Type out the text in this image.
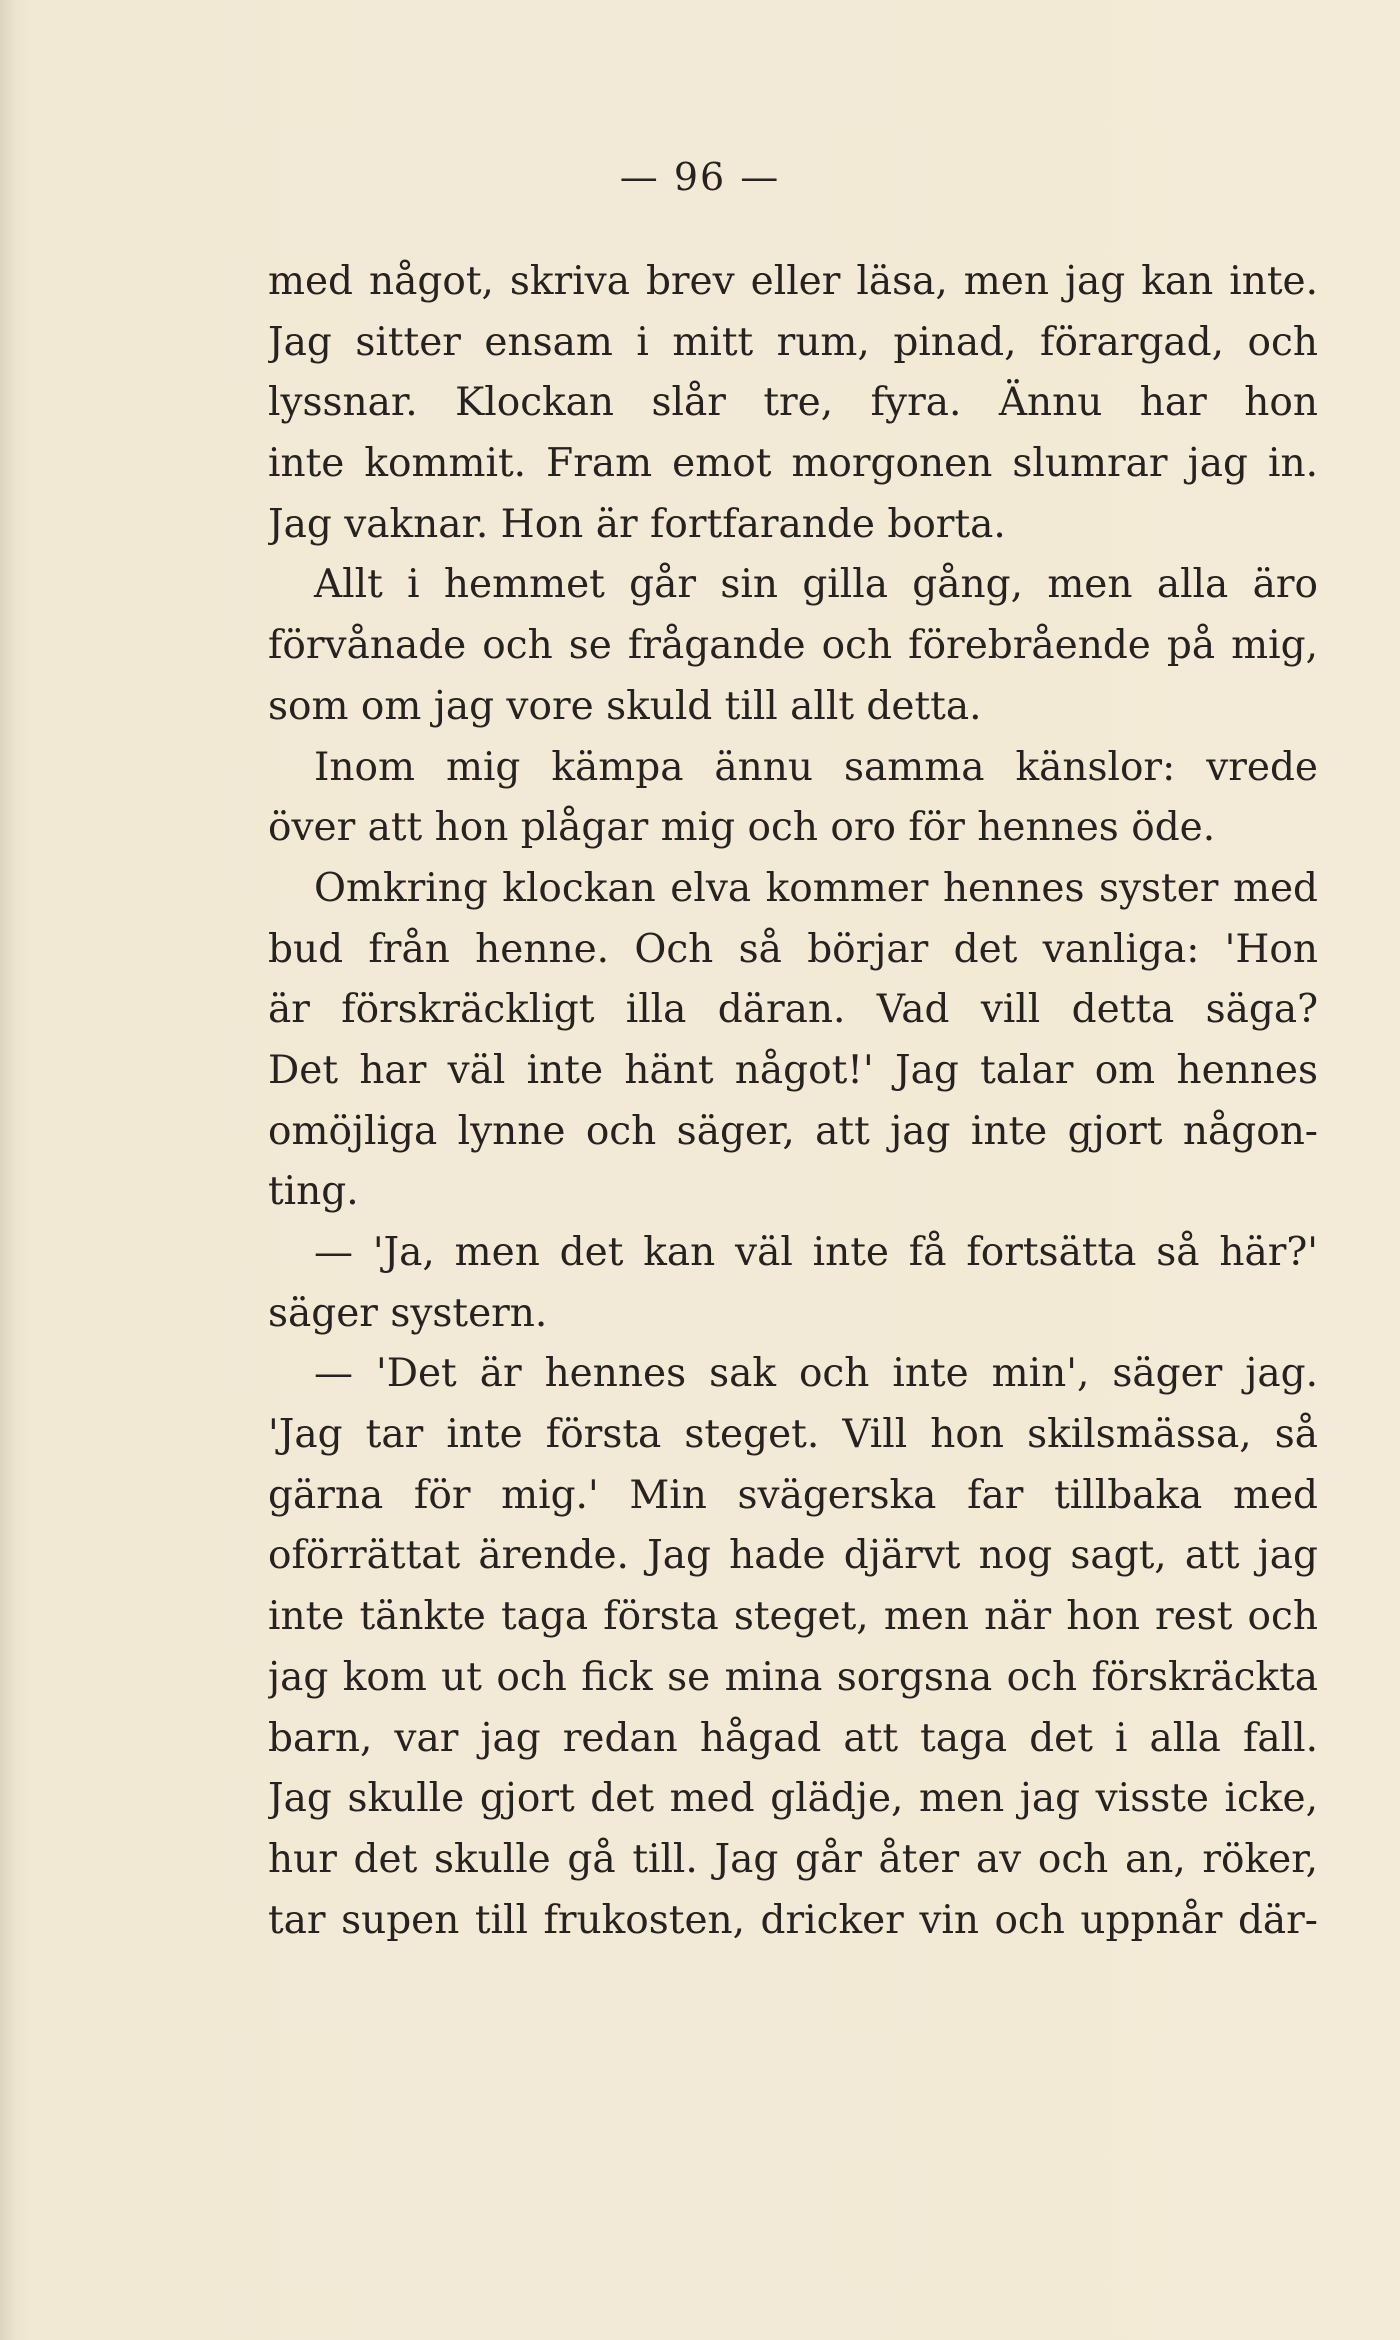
— 96 —
med något, skriva brev eller läsa, men jag kan inte.
Jag sitter ensam i mitt rum, pinad, förargad, och
lyssnar. Klockan slår tre, fyra. Ännu har hon
inte kommit. Fram emot morgonen slumrar jag in.
Jag vaknar. Hon är fortfarande borta.
Allt i hemmet går sin gilla gång, men alla äro
förvånade och se frågande och förebrående på mig,
som om jag vore skuld till allt detta.
Inom mig kämpa ännu samma känslor: vrede
över att hon plågar mig och oro för hennes öde.
Omkring klockan elva kommer hennes syster med
bud från henne. Och så börjar det vanliga: 'Hon
är förskräckligt illa däran. Vad vill detta säga?
Det har väl inte hänt något!' Jag talar om hennes
omöjliga lynne och säger, att jag inte gjort någon-
ting.
— 'Ja, men det kan väl inte få fortsätta så här?'
säger systern.
— 'Det är hennes sak och inte min', säger jag.
'Jag tar inte första steget. Vill hon skilsmässa, så
gärna för mig.' Min svägerska far tillbaka med
oförrättat ärende. Jag hade djärvt nog sagt, att jag
inte tänkte taga första steget, men när hon rest och
jag kom ut och fick se mina sorgsna och förskräckta
barn, var jag redan hågad att taga det i alla fall.
Jag skulle gjort det med glädje, men jag visste icke,
hur det skulle gå till. Jag går åter av och an, röker,
tar supen till frukosten, dricker vin och uppnår där-
